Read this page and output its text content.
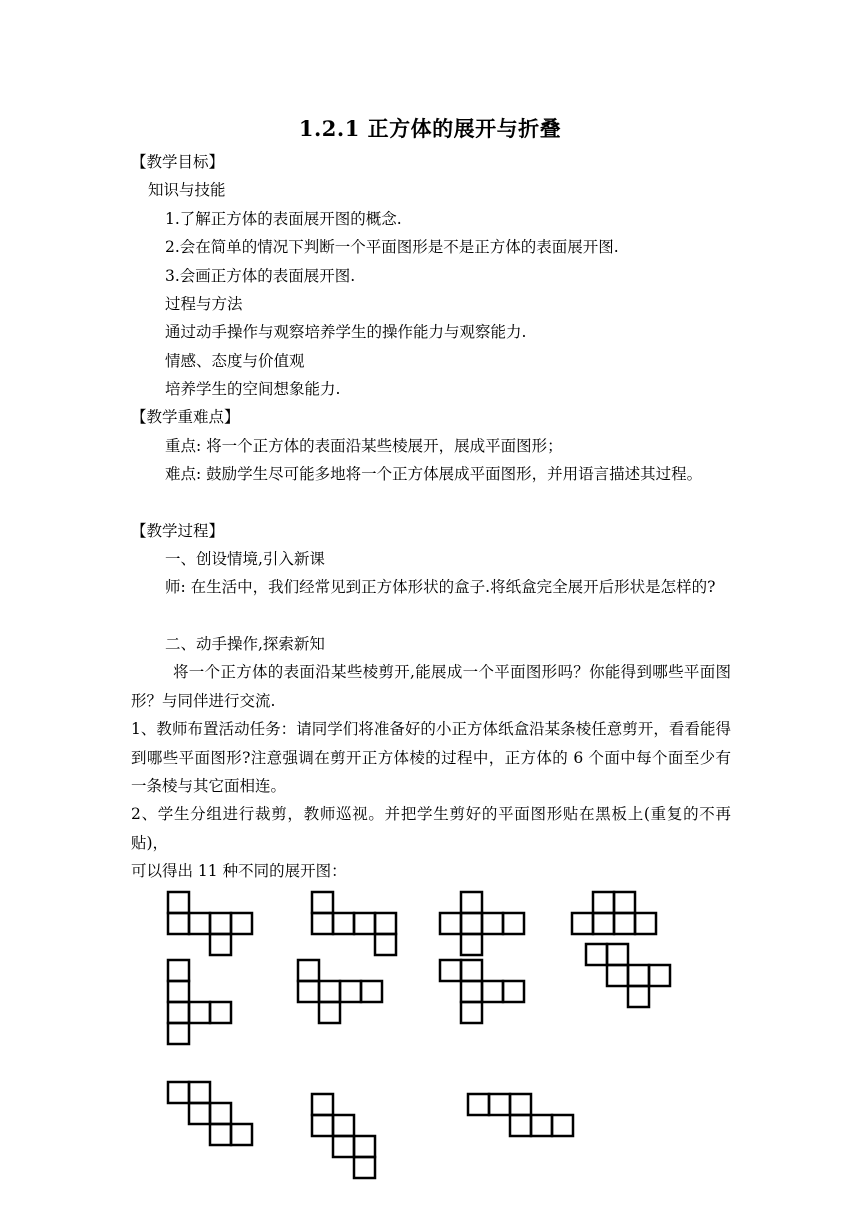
1.2.1 正方体的展开与折叠
【教学目标】
知识与技能
1.了解正方体的表面展开图的概念.
2.会在简单的情况下判断一个平面图形是不是正方体的表面展开图.
3.会画正方体的表面展开图.
过程与方法
通过动手操作与观察培养学生的操作能力与观察能力.
情感、态度与价值观
培养学生的空间想象能力.
【教学重难点】
重点: 将一个正方体的表面沿某些棱展开，展成平面图形；
难点: 鼓励学生尽可能多地将一个正方体展成平面图形，并用语言描述其过程。
【教学过程】
一、创设情境,引入新课
师: 在生活中，我们经常见到正方体形状的盒子.将纸盒完全展开后形状是怎样的?
二、动手操作,探索新知
将一个正方体的表面沿某些棱剪开,能展成一个平面图形吗？你能得到哪些平面图形？与同伴进行交流.
1、教师布置活动任务：请同学们将准备好的小正方体纸盒沿某条棱任意剪开，看看能得到哪些平面图形?注意强调在剪开正方体棱的过程中，正方体的 6 个面中每个面至少有一条棱与其它面相连。
2、学生分组进行裁剪，教师巡视。并把学生剪好的平面图形贴在黑板上(重复的不再贴)，
可以得出 11 种不同的展开图：
